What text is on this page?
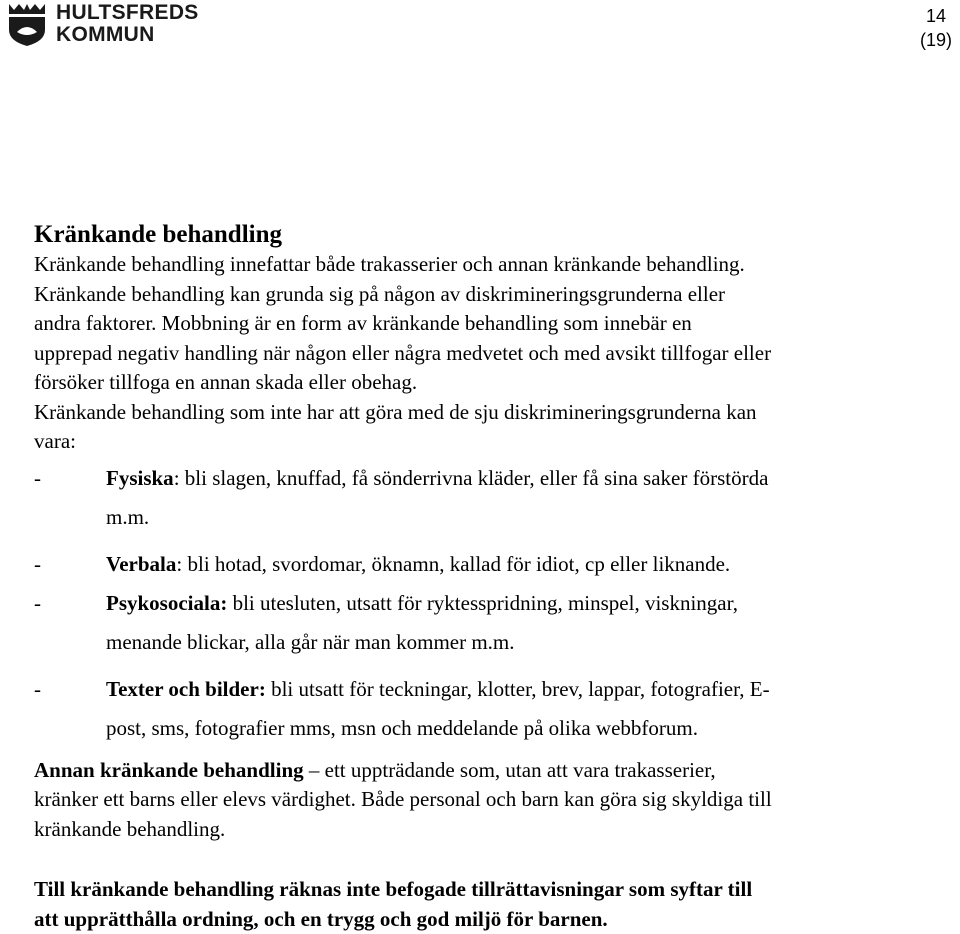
HULTSFREDS
KOMMUN
14
(19)
Kränkande behandling
Kränkande behandling innefattar både trakasserier och annan kränkande behandling.
Kränkande behandling kan grunda sig på någon av diskrimineringsgrunderna eller
andra faktorer. Mobbning är en form av kränkande behandling som innebär en
upprepad negativ handling när någon eller några medvetet och med avsikt tillfogar eller
försöker tillfoga en annan skada eller obehag.
Kränkande behandling som inte har att göra med de sju diskrimineringsgrunderna kan
vara:
-	Fysiska: bli slagen, knuffad, få sönderrivna kläder, eller få sina saker förstörda
m.m.
-	Verbala: bli hotad, svordomar, öknamn, kallad för idiot, cp eller liknande.
-	Psykosociala: bli utesluten, utsatt för ryktesspridning, minspel, viskningar,
menande blickar, alla går när man kommer m.m.
-	Texter och bilder: bli utsatt för teckningar, klotter, brev, lappar, fotografier, E-
post, sms, fotografier mms, msn och meddelande på olika webbforum.
Annan kränkande behandling – ett uppträdande som, utan att vara trakasserier,
kränker ett barns eller elevs värdighet. Både personal och barn kan göra sig skyldiga till
kränkande behandling.
Till kränkande behandling räknas inte befogade tillrättavisningar som syftar till
att upprätthålla ordning, och en trygg och god miljö för barnen.
